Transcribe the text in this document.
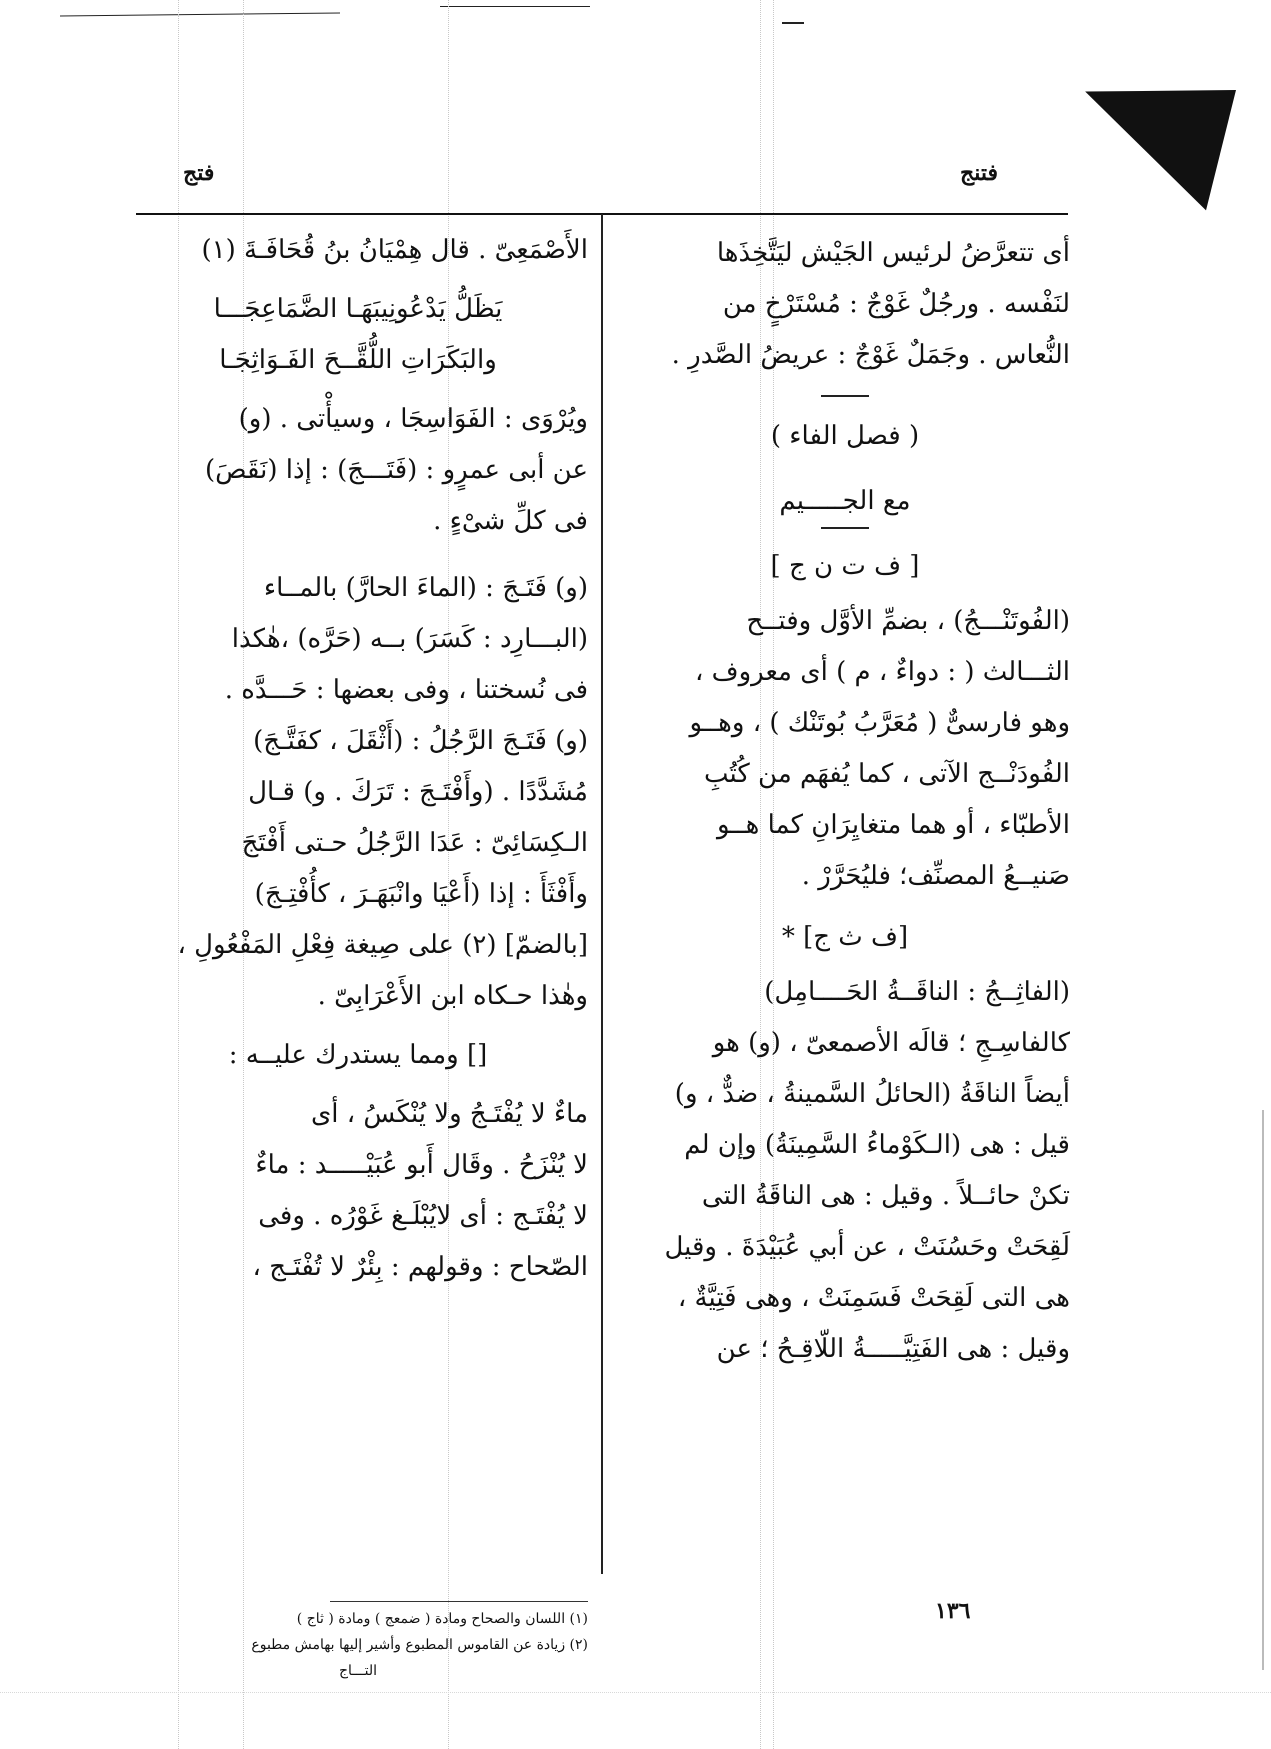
فتنج
فتج

أى تتعرَّضُ لرئيس الجَيْش ليَتَّخِذَها

لنَفْسه . ورجُلٌ غَوْجٌ : مُسْتَرْخٍ من

النُّعاس . وجَمَلٌ غَوْجٌ : عريضُ الصَّدرِ .

( فصل الفاء )

مع الجـــــيم

[ ف ت ن ج ]

(الفُوتَنْـــجُ) ، بضمِّ الأوَّل وفتــح

الثـــالث ( : دواءٌ ، م ) أى معروف ،

وهو فارسىٌّ ( مُعَرَّبُ بُوتَنْك ) ، وهــو

الفُودَنْــج الآتى ، كما يُفهَم من كُتُبِ

الأطبّاء ، أو هما متغايِرَانِ كما هــو

صَنيــعُ المصنِّف؛ فليُحَرَّرْ .

[ف ث ج] *

(الفاثِــجُ : الناقَــةُ الحَــــامِل)

كالفاسِـجِ ؛ قالَه الأصمعىّ ، (و) هو

أيضاً الناقَةُ (الحائلُ السَّمينةُ ، ضدٌّ ، و)

قيل : هى (الـكَوْماءُ السَّمِينَةُ) وإن لم

تكنْ حائــلاً . وقيل : هى الناقَةُ التى

لَقِحَتْ وحَسُنَتْ ، عن أبي عُبَيْدَةَ . وقيل

هى التى لَقِحَتْ فَسَمِنَتْ ، وهى فَتِيَّةٌ ،

وقيل : هى الفَتِيَّـــــةُ اللّاقِـحُ ؛ عن

الأَصْمَعِىّ . قال هِمْيَانُ بنُ قُحَافَـةَ (١)

يَظَلُّ يَدْعُونِيبَهَـا الضَّمَاعِجَـــا

والبَكَرَاتِ اللُّقَّــحَ الفَـوَاثِجَـا

ويُرْوَى : الفَوَاسِجَا ، وسيأْتى . (و)

عن أبى عمرٍو : (فَتَـــجَ) : إذا (نَقَصَ)

فى كلِّ شىْءٍ .

(و) فَتَـجَ : (الماءَ الحارَّ) بالمــاء

(البـــارِد : كَسَرَ) بــه (حَرَّه) ،هٰكذا

فى نُسختنا ، وفى بعضها : حَـــدَّه .

(و) فَتَـجَ الرَّجُلُ : (أَثْقَلَ ، كفَتَّـجَ)

مُشَدَّدًا . (وأَفْتَـجَ : تَرَكَ . و) قـال

الـكِسَائِىّ : عَدَا الرَّجُلُ حـتى أَفْتَجَ

وأَفْثَأَ : إذا (أَعْيَا وانْبَهَـرَ ، كأُفْتِـجَ)

[بالضمّ] (٢) على صِيغة فِعْلِ المَفْعُولِ ،

وهٰذا حـكاه ابن الأَعْرَابِىّ .

[] ومما يستدرك عليــه :

ماءٌ لا يُفْتَـجُ ولا يُنْكَسُ ، أى

لا يُنْزَحُ . وقَال أَبو عُبَيْـــــد : ماءٌ

لا يُفْتَـج : أى لايُبْلَـغ غَوْرُه . وفى

الصّحاح : وقولهم : بِئْرٌ لا تُفْتَـج ،

(١) اللسان والصحاح ومادة ( ضمعج ) ومادة ( ثاج )

(٢) زيادة عن القاموس المطبوع وأشير إليها بهامش مطبوع

التـــاج

١٣٦
